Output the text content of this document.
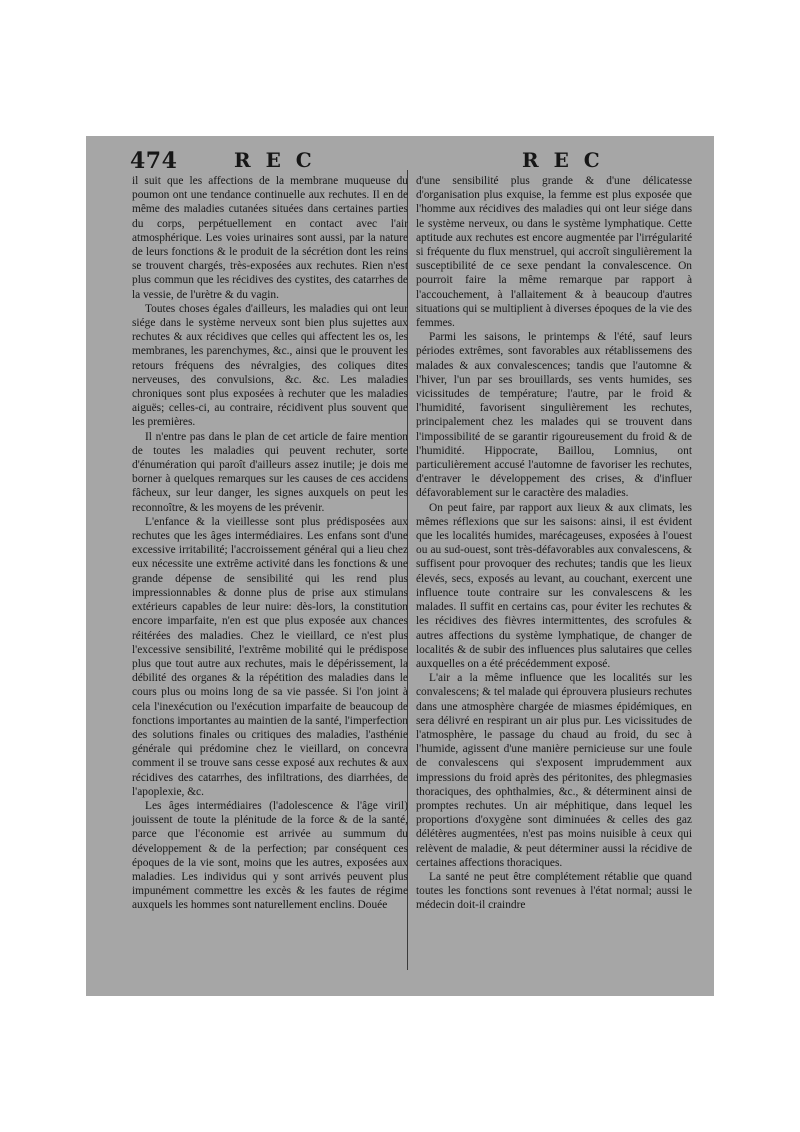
474	R E C	R E C

il suit que les affections de la membrane muqueuse du poumon ont une tendance continuelle aux rechutes. Il en de même des maladies cutanées situées dans certaines parties du corps, perpétuellement en contact avec l'air atmosphérique. Les voies urinaires sont aussi, par la nature de leurs fonctions & le produit de la sécrétion dont les reins se trouvent chargés, très-exposées aux rechutes. Rien n'est plus commun que les récidives des cystites, des catarrhes de la vessie, de l'urètre & du vagin.

Toutes choses égales d'ailleurs, les maladies qui ont leur siége dans le système nerveux sont bien plus sujettes aux rechutes & aux récidives que celles qui affectent les os, les membranes, les parenchymes, &c., ainsi que le prouvent les retours fréquens des névralgies, des coliques dites nerveuses, des convulsions, &c. &c. Les maladies chroniques sont plus exposées à rechuter que les maladies aiguës; celles-ci, au contraire, récidivent plus souvent que les premières.

Il n'entre pas dans le plan de cet article de faire mention de toutes les maladies qui peuvent rechuter, sorte d'énumération qui paroît d'ailleurs assez inutile; je dois me borner à quelques remarques sur les causes de ces accidens fâcheux, sur leur danger, les signes auxquels on peut les reconnoître, & les moyens de les prévenir.

L'enfance & la vieillesse sont plus prédisposées aux rechutes que les âges intermédiaires. Les enfans sont d'une excessive irritabilité; l'accroissement général qui a lieu chez eux nécessite une extrême activité dans les fonctions & une grande dépense de sensibilité qui les rend plus impressionnables & donne plus de prise aux stimulans extérieurs capables de leur nuire: dès-lors, la constitution encore imparfaite, n'en est que plus exposée aux chances réitérées des maladies. Chez le vieillard, ce n'est plus l'excessive sensibilité, l'extrême mobilité qui le prédispose plus que tout autre aux rechutes, mais le dépérissement, la débilité des organes & la répétition des maladies dans le cours plus ou moins long de sa vie passée. Si l'on joint à cela l'inexécution ou l'exécution imparfaite de beaucoup de fonctions importantes au maintien de la santé, l'imperfection des solutions finales ou critiques des maladies, l'asthénie générale qui prédomine chez le vieillard, on concevra comment il se trouve sans cesse exposé aux rechutes & aux récidives des catarrhes, des infiltrations, des diarrhées, de l'apoplexie, &c.

Les âges intermédiaires (l'adolescence & l'âge viril) jouissent de toute la plénitude de la force & de la santé, parce que l'économie est arrivée au summum du développement & de la perfection; par conséquent ces époques de la vie sont, moins que les autres, exposées aux maladies. Les individus qui y sont arrivés peuvent plus impunément commettre les excès & les fautes de régime auxquels les hommes sont naturellement enclins. Douée

d'une sensibilité plus grande & d'une délicatesse d'organisation plus exquise, la femme est plus exposée que l'homme aux récidives des maladies qui ont leur siége dans le système nerveux, ou dans le système lymphatique. Cette aptitude aux rechutes est encore augmentée par l'irrégularité si fréquente du flux menstruel, qui accroît singulièrement la susceptibilité de ce sexe pendant la convalescence. On pourroit faire la même remarque par rapport à l'accouchement, à l'allaitement & à beaucoup d'autres situations qui se multiplient à diverses époques de la vie des femmes.

Parmi les saisons, le printemps & l'été, sauf leurs périodes extrêmes, sont favorables aux rétablissemens des malades & aux convalescences; tandis que l'automne & l'hiver, l'un par ses brouillards, ses vents humides, ses vicissitudes de température; l'autre, par le froid & l'humidité, favorisent singulièrement les rechutes, principalement chez les malades qui se trouvent dans l'impossibilité de se garantir rigoureusement du froid & de l'humidité. Hippocrate, Baillou, Lomnius, ont particulièrement accusé l'automne de favoriser les rechutes, d'entraver le développement des crises, & d'influer défavorablement sur le caractère des maladies.

On peut faire, par rapport aux lieux & aux climats, les mêmes réflexions que sur les saisons: ainsi, il est évident que les localités humides, marécageuses, exposées à l'ouest ou au sud-ouest, sont très-défavorables aux convalescens, & suffisent pour provoquer des rechutes; tandis que les lieux élevés, secs, exposés au levant, au couchant, exercent une influence toute contraire sur les convalescens & les malades. Il suffit en certains cas, pour éviter les rechutes & les récidives des fièvres intermittentes, des scrofules & autres affections du système lymphatique, de changer de localités & de subir des influences plus salutaires que celles auxquelles on a été précédemment exposé.

L'air a la même influence que les localités sur les convalescens; & tel malade qui éprouvera plusieurs rechutes dans une atmosphère chargée de miasmes épidémiques, en sera délivré en respirant un air plus pur. Les vicissitudes de l'atmosphère, le passage du chaud au froid, du sec à l'humide, agissent d'une manière pernicieuse sur une foule de convalescens qui s'exposent imprudemment aux impressions du froid après des péritonites, des phlegmasies thoraciques, des ophthalmies, &c., & déterminent ainsi de promptes rechutes. Un air méphitique, dans lequel les proportions d'oxygène sont diminuées & celles des gaz délétères augmentées, n'est pas moins nuisible à ceux qui relèvent de maladie, & peut déterminer aussi la récidive de certaines affections thoraciques.

La santé ne peut être complétement rétablie que quand toutes les fonctions sont revenues à l'état normal; aussi le médecin doit-il craindre
